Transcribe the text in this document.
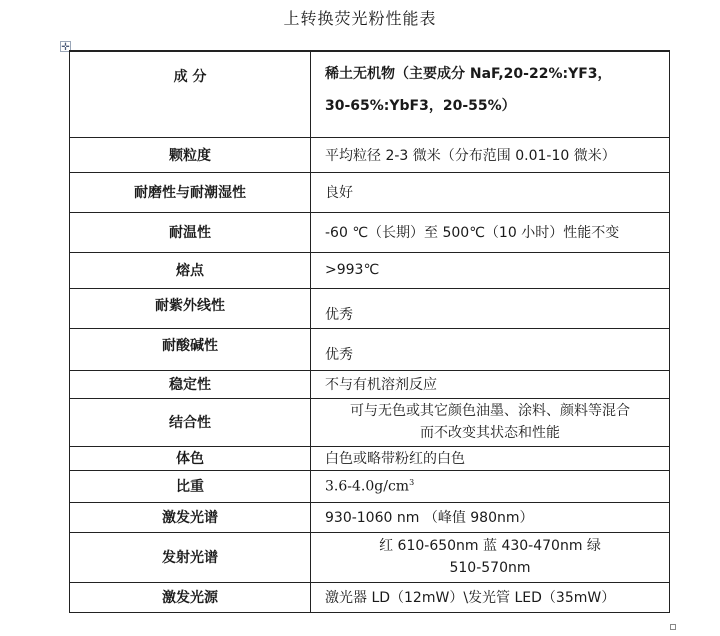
上转换荧光粉性能表
✛
成 分	稀土无机物（主要成分 NaF,20-22%:YF3，
30-65%:YbF3，20-55%）

颗粒度	平均粒径 2-3 微米（分布范围 0.01-10 微米）
耐磨性与耐潮湿性	良好
耐温性	-60 ℃（长期）至 500℃（10 小时）性能不变
熔点	>993℃
耐紫外线性	优秀
耐酸碱性	优秀
稳定性	不与有机溶剂反应
结合性	可与无色或其它颜色油墨、涂料、颜料等混合
而不改变其状态和性能

体色	白色或略带粉红的白色
比重	$3.6-4.0g/cm^3$
激发光谱	930-1060 nm （峰值 980nm）
发射光谱	红 610-650nm 蓝 430-470nm 绿
510-570nm

激发光源	激光器 LD（12mW）\发光管 LED（35mW）
